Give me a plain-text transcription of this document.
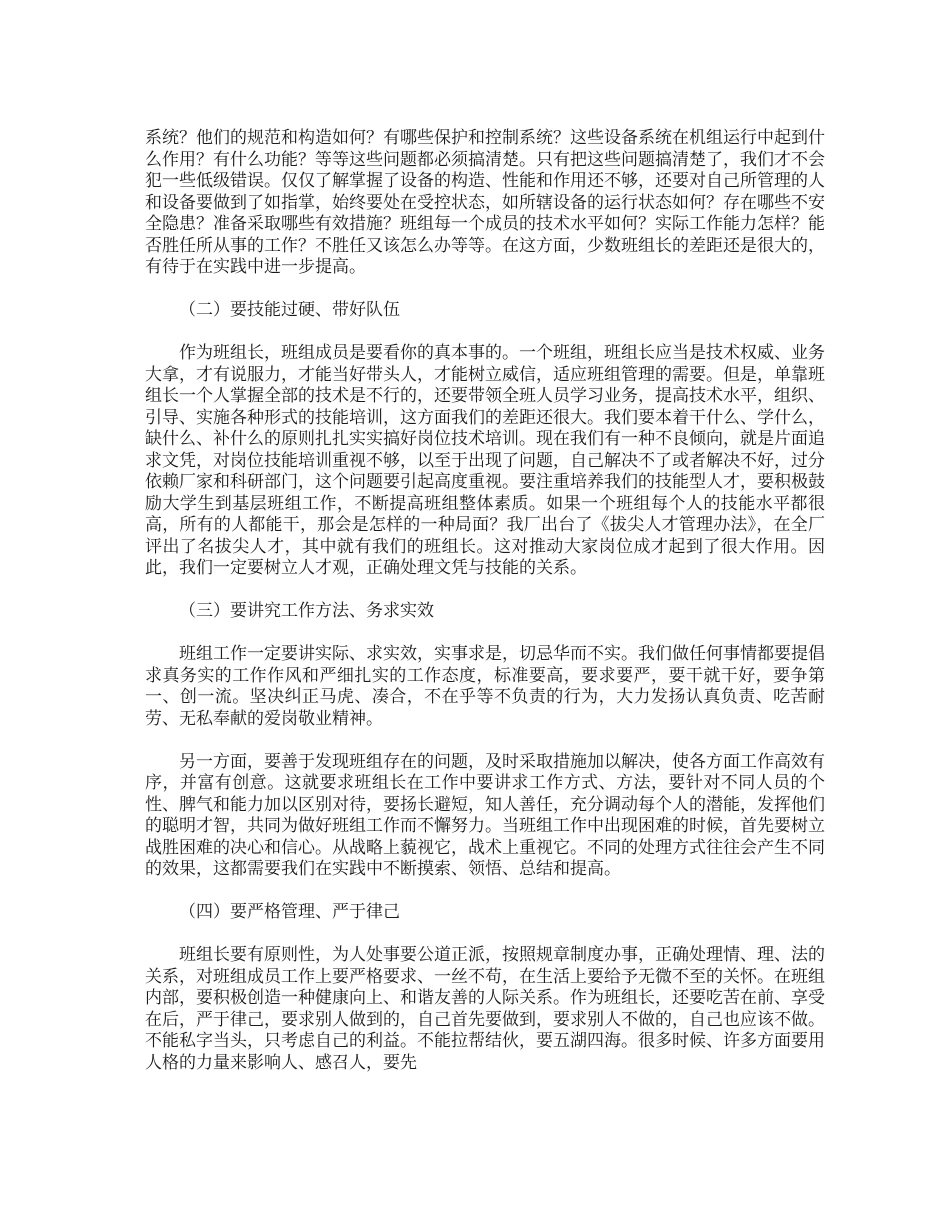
系统？他们的规范和构造如何？有哪些保护和控制系统？这些设备系统在机组运行中起到什么作用？有什么功能？等等这些问题都必须搞清楚。只有把这些问题搞清楚了，我们才不会犯一些低级错误。仅仅了解掌握了设备的构造、性能和作用还不够，还要对自己所管理的人和设备要做到了如指掌，始终要处在受控状态，如所辖设备的运行状态如何？存在哪些不安全隐患？准备采取哪些有效措施？班组每一个成员的技术水平如何？实际工作能力怎样？能否胜任所从事的工作？不胜任又该怎么办等等。在这方面，少数班组长的差距还是很大的，有待于在实践中进一步提高。

（二）要技能过硬、带好队伍

作为班组长，班组成员是要看你的真本事的。一个班组，班组长应当是技术权威、业务大拿，才有说服力，才能当好带头人，才能树立威信，适应班组管理的需要。但是，单靠班组长一个人掌握全部的技术是不行的，还要带领全班人员学习业务，提高技术水平，组织、引导、实施各种形式的技能培训，这方面我们的差距还很大。我们要本着干什么、学什么，缺什么、补什么的原则扎扎实实搞好岗位技术培训。现在我们有一种不良倾向，就是片面追求文凭，对岗位技能培训重视不够，以至于出现了问题，自己解决不了或者解决不好，过分依赖厂家和科研部门，这个问题要引起高度重视。要注重培养我们的技能型人才，要积极鼓励大学生到基层班组工作，不断提高班组整体素质。如果一个班组每个人的技能水平都很高，所有的人都能干，那会是怎样的一种局面？我厂出台了《拔尖人才管理办法》，在全厂评出了名拔尖人才，其中就有我们的班组长。这对推动大家岗位成才起到了很大作用。因此，我们一定要树立人才观，正确处理文凭与技能的关系。

（三）要讲究工作方法、务求实效

班组工作一定要讲实际、求实效，实事求是，切忌华而不实。我们做任何事情都要提倡求真务实的工作作风和严细扎实的工作态度，标准要高，要求要严，要干就干好，要争第一、创一流。坚决纠正马虎、凑合，不在乎等不负责的行为，大力发扬认真负责、吃苦耐劳、无私奉献的爱岗敬业精神。

另一方面，要善于发现班组存在的问题，及时采取措施加以解决，使各方面工作高效有序，并富有创意。这就要求班组长在工作中要讲求工作方式、方法，要针对不同人员的个性、脾气和能力加以区别对待，要扬长避短，知人善任，充分调动每个人的潜能，发挥他们的聪明才智，共同为做好班组工作而不懈努力。当班组工作中出现困难的时候，首先要树立战胜困难的决心和信心。从战略上藐视它，战术上重视它。不同的处理方式往往会产生不同的效果，这都需要我们在实践中不断摸索、领悟、总结和提高。

（四）要严格管理、严于律己

班组长要有原则性，为人处事要公道正派，按照规章制度办事，正确处理情、理、法的关系，对班组成员工作上要严格要求、一丝不苟，在生活上要给予无微不至的关怀。在班组内部，要积极创造一种健康向上、和谐友善的人际关系。作为班组长，还要吃苦在前、享受在后，严于律己，要求别人做到的，自己首先要做到，要求别人不做的，自己也应该不做。不能私字当头，只考虑自己的利益。不能拉帮结伙，要五湖四海。很多时候、许多方面要用人格的力量来影响人、感召人，要先
